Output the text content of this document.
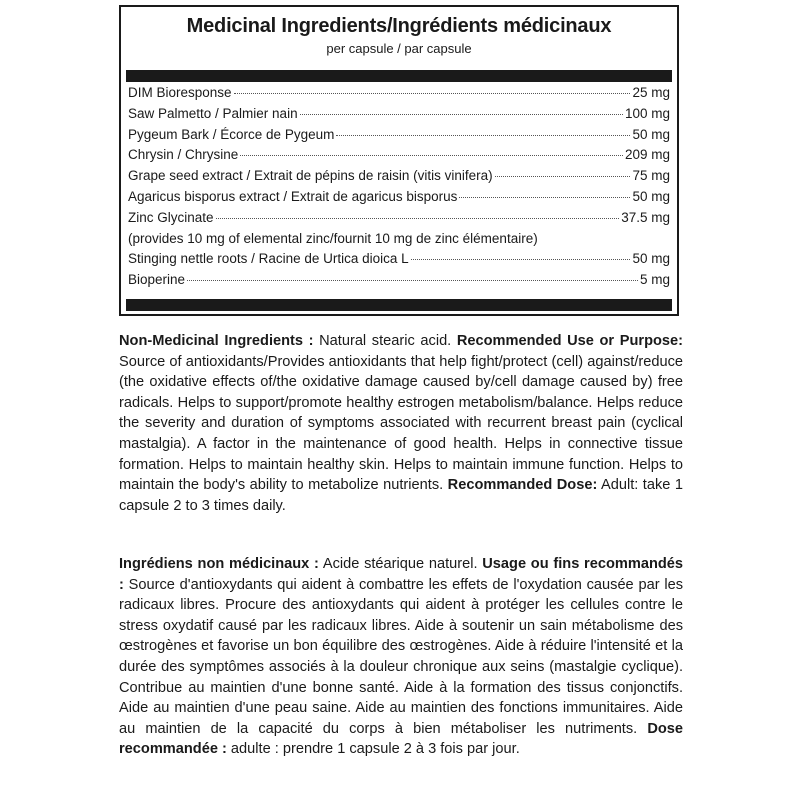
Medicinal Ingredients/Ingrédients médicinaux
per capsule / par capsule
DIM Bioresponse	25 mg
Saw Palmetto / Palmier nain	100 mg
Pygeum Bark / Écorce de Pygeum	50 mg
Chrysin / Chrysine	209 mg
Grape seed extract / Extrait de pépins de raisin (vitis vinifera)	75 mg
Agaricus bisporus extract / Extrait de agaricus bisporus	50 mg
Zinc Glycinate	37.5 mg
(provides 10 mg of elemental zinc/fournit 10 mg de zinc élémentaire)
Stinging nettle roots / Racine de Urtica dioica L	50 mg
Bioperine	5 mg

Non-Medicinal Ingredients : Natural stearic acid. Recommended Use or Purpose: Source of antioxidants/Provides antioxidants that help fight/protect (cell) against/reduce (the oxidative effects of/the oxidative damage caused by/cell damage caused by) free radicals. Helps to support/promote healthy estrogen metabolism/balance. Helps reduce the severity and duration of symptoms associated with recurrent breast pain (cyclical mastalgia). A factor in the maintenance of good health. Helps in connective tissue formation. Helps to maintain healthy skin. Helps to maintain immune function. Helps to maintain the body's ability to metabolize nutrients. Recommanded Dose: Adult: take 1 capsule 2 to 3 times daily.

Ingrédiens non médicinaux : Acide stéarique naturel. Usage ou fins recommandés : Source d'antioxydants qui aident à combattre les effets de l'oxydation causée par les radicaux libres. Procure des antioxydants qui aident à protéger les cellules contre le stress oxydatif causé par les radicaux libres. Aide à soutenir un sain métabolisme des œstrogènes et favorise un bon équilibre des œstrogènes. Aide à réduire l'intensité et la durée des symptômes associés à la douleur chronique aux seins (mastalgie cyclique). Contribue au maintien d'une bonne santé. Aide à la formation des tissus conjonctifs. Aide au maintien d'une peau saine. Aide au maintien des fonctions immunitaires. Aide au maintien de la capacité du corps à bien métaboliser les nutriments. Dose recommandée : adulte : prendre 1 capsule 2 à 3 fois par jour.
